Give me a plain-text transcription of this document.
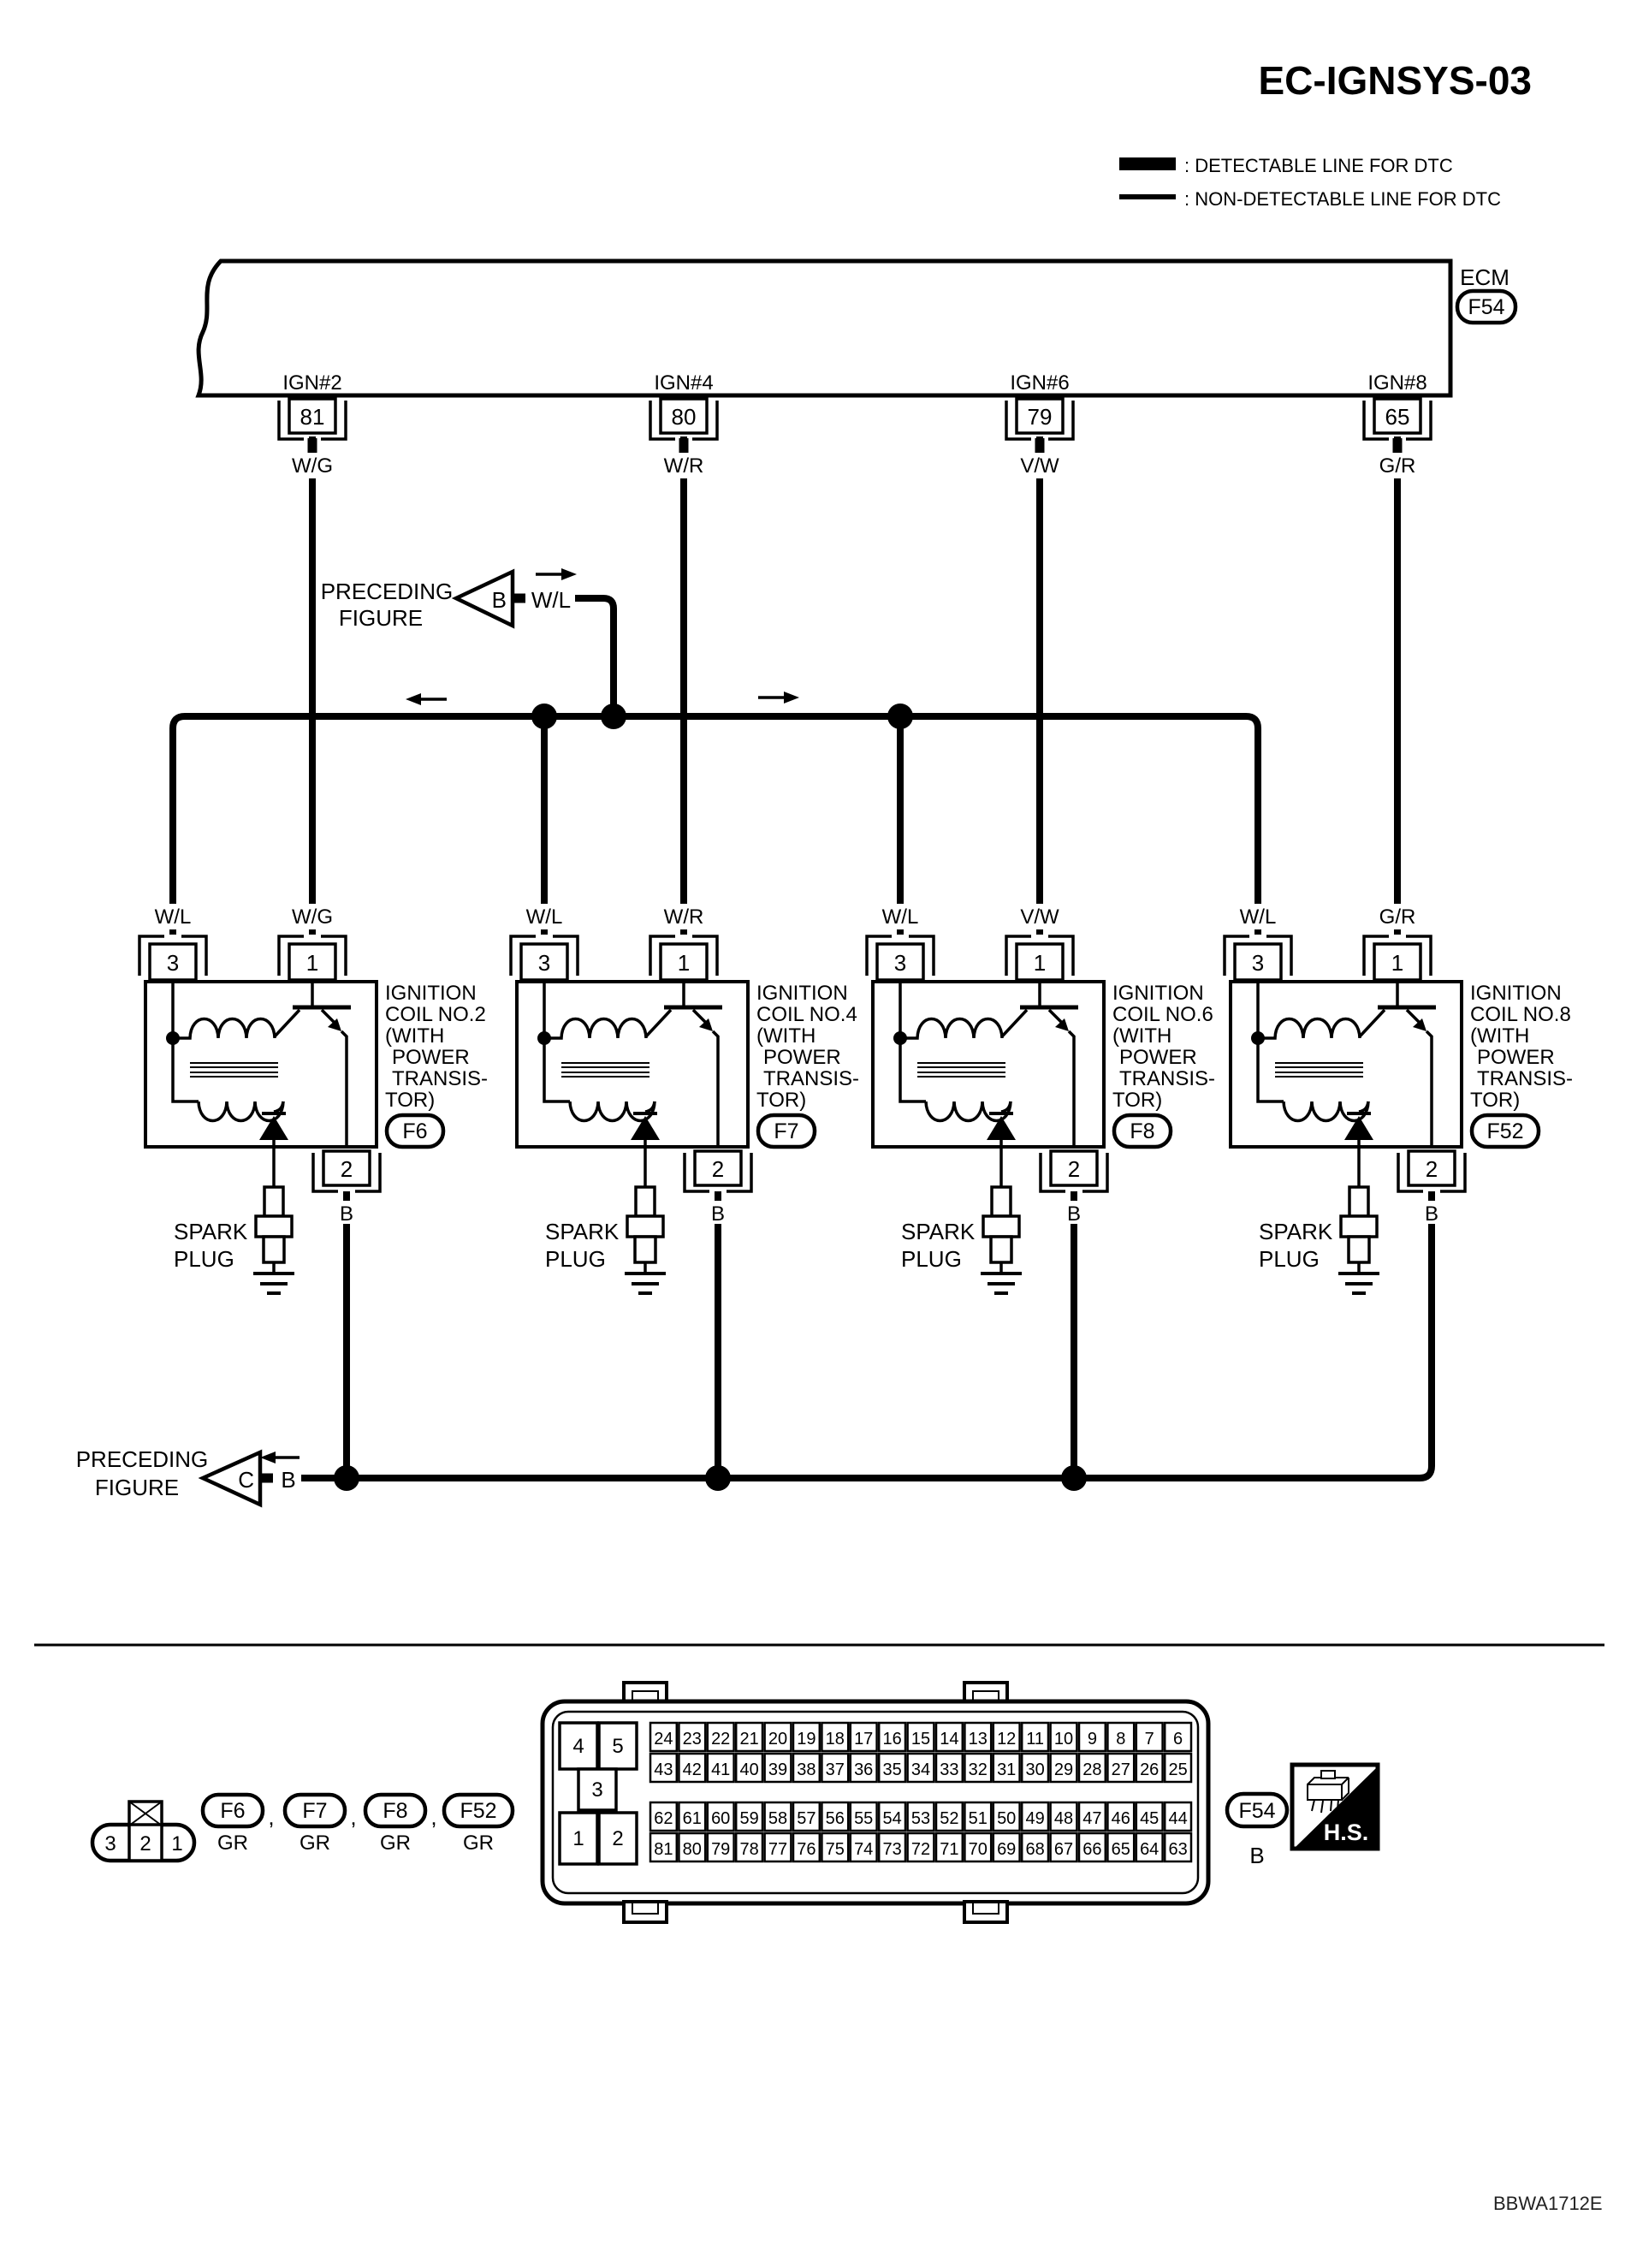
EC-IGNSYS-03
: DETECTABLE LINE FOR DTC
: NON-DETECTABLE LINE FOR DTC
ECM
F54
IGN#2
81
W/G
IGN#4
80
W/R
IGN#6
79
V/W
IGN#8
65
G/R
PRECEDING
FIGURE
B W/L
PRECEDING
FIGURE	C B
W/L	W/G
3	1
2
B
IGNITION
COIL NO.2
(WITH
POWER
TRANSIS-
TOR)
F6
SPARK
PLUG
W/L	W/R
3	1
2
B
IGNITION
COIL NO.4
(WITH
POWER
TRANSIS-
TOR)
F7
SPARK
PLUG
W/L	V/W
3	1
2
B
IGNITION
COIL NO.6
(WITH
POWER
TRANSIS-
TOR)
F8
SPARK
PLUG
W/L	G/R
3	1
2
B
IGNITION
COIL NO.8
(WITH
POWER
TRANSIS-
TOR)
F52
SPARK
PLUG
3 2 1
F6
GR
, F7
GR
, F8
GR
, F52
GR
4 5
3
1 2
24 23 22 21 20 19 18 17 16 15 14 13 12 11 10 9 8 7 6
43 42 41 40 39 38 37 36 35 34 33 32 31 30 29 28 27 26 25
62 61 60 59 58 57 56 55 54 53 52 51 50 49 48 47 46 45 44
81 80 79 78 77 76 75 74 73 72 71 70 69 68 67 66 65 64 63
F54
B
H.S.
BBWA1712E
